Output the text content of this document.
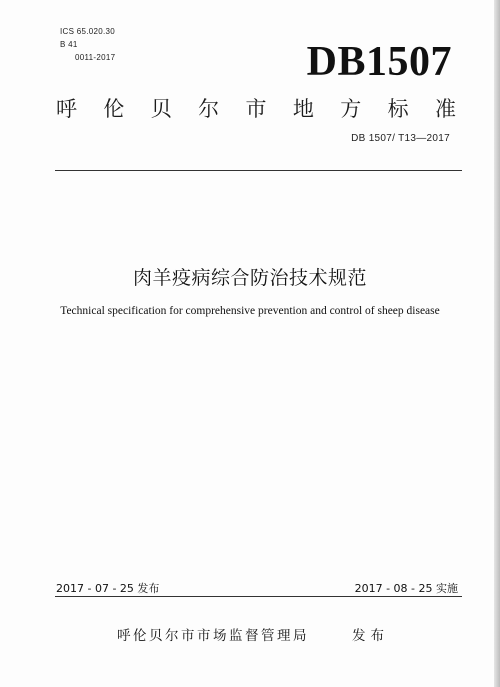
ICS 65.020.30
B 41
0011-2017	DB1507
呼 伦 贝 尔 市 地 方 标 准
DB 1507/ T13—2017
肉羊疫病综合防治技术规范
Technical specification for comprehensive prevention and control of sheep disease
2017 - 07 - 25 发布	2017 - 08 - 25 实施
呼伦贝尔市市场监督管理局	发布
